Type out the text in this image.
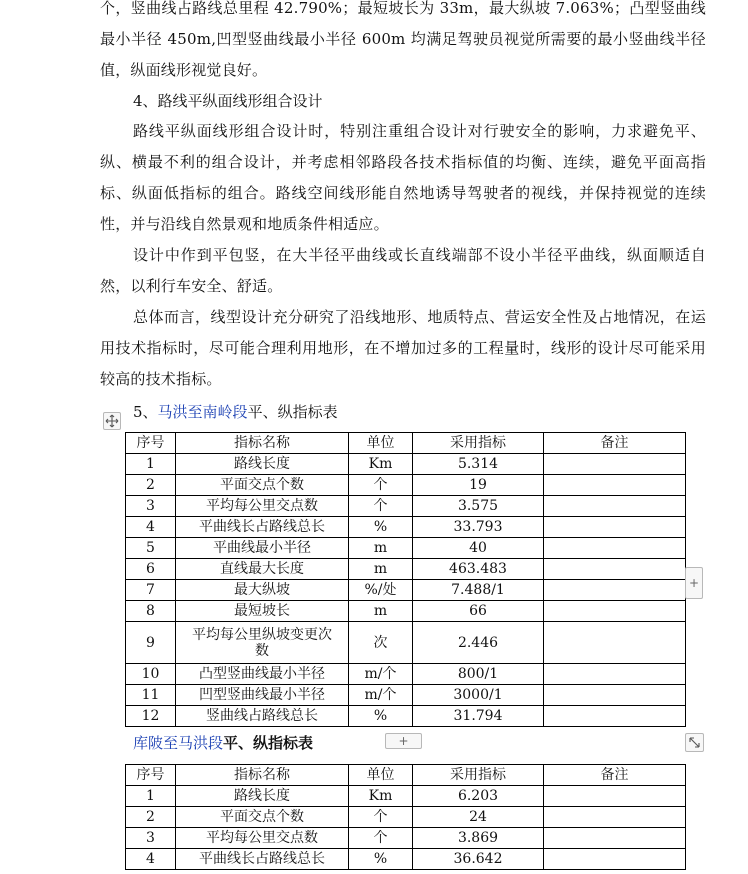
个，竖曲线占路线总里程 42.790%；最短坡长为 33m，最大纵坡 7.063%；凸型竖曲线最小半径 450m,凹型竖曲线最小半径 600m 均满足驾驶员视觉所需要的最小竖曲线半径值，纵面线形视觉良好。

4、路线平纵面线形组合设计

路线平纵面线形组合设计时，特别注重组合设计对行驶安全的影响，力求避免平、纵、横最不利的组合设计，并考虑相邻路段各技术指标值的均衡、连续，避免平面高指标、纵面低指标的组合。路线空间线形能自然地诱导驾驶者的视线，并保持视觉的连续性，并与沿线自然景观和地质条件相适应。

设计中作到平包竖，在大半径平曲线或长直线端部不设小半径平曲线，纵面顺适自然，以利行车安全、舒适。

总体而言，线型设计充分研究了沿线地形、地质特点、营运安全性及占地情况，在运用技术指标时，尽可能合理利用地形，在不增加过多的工程量时，线形的设计尽可能采用较高的技术指标。

5、马洪至南岭段平、纵指标表

序号	指标名称	单位	采用指标	备注
1	路线长度	Km	5.314	
2	平面交点个数	个	19	
3	平均每公里交点数	个	3.575	
4	平曲线长占路线总长	%	33.793	
5	平曲线最小半径	m	40	
6	直线最大长度	m	463.483	
7	最大纵坡	%/处	7.488/1	
8	最短坡长	m	66	
9	平均每公里纵坡变更次数	次	2.446	
10	凸型竖曲线最小半径	m/个	800/1	
11	凹型竖曲线最小半径	m/个	3000/1	
12	竖曲线占路线总长	%	31.794	
+

库陂至马洪段平、纵指标表	+
序号	指标名称	单位	采用指标	备注
1	路线长度	Km	6.203	
2	平面交点个数	个	24	
3	平均每公里交点数	个	3.869	
4	平曲线长占路线总长	%	36.642	
